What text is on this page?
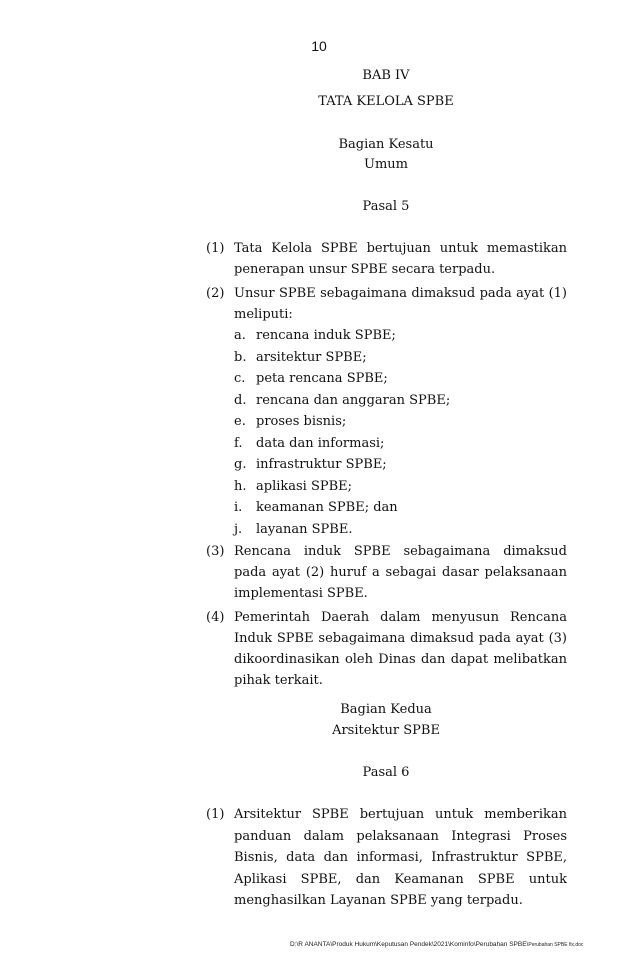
10
BAB IV
TATA KELOLA SPBE
Bagian Kesatu
Umum
Pasal 5
(1) Tata Kelola SPBE bertujuan untuk memastikan penerapan unsur SPBE secara terpadu.
(2) Unsur SPBE sebagaimana dimaksud pada ayat (1) meliputi:
a. rencana induk SPBE;
b. arsitektur SPBE;
c. peta rencana SPBE;
d. rencana dan anggaran SPBE;
e. proses bisnis;
f. data dan informasi;
g. infrastruktur SPBE;
h. aplikasi SPBE;
i. keamanan SPBE; dan
j. layanan SPBE.
(3) Rencana induk SPBE sebagaimana dimaksud pada ayat (2) huruf a sebagai dasar pelaksanaan implementasi SPBE.
(4) Pemerintah Daerah dalam menyusun Rencana Induk SPBE sebagaimana dimaksud pada ayat (3) dikoordinasikan oleh Dinas dan dapat melibatkan pihak terkait.
Bagian Kedua
Arsitektur SPBE
Pasal 6
(1) Arsitektur SPBE bertujuan untuk memberikan panduan dalam pelaksanaan Integrasi Proses Bisnis, data dan informasi, Infrastruktur SPBE, Aplikasi SPBE, dan Keamanan SPBE untuk menghasilkan Layanan SPBE yang terpadu.
D:\R ANANTA\Produk Hukum\Keputusan Pendek\2021\Kominfo\Perubahan SPBE\Perubahan SPBE fix.doc
